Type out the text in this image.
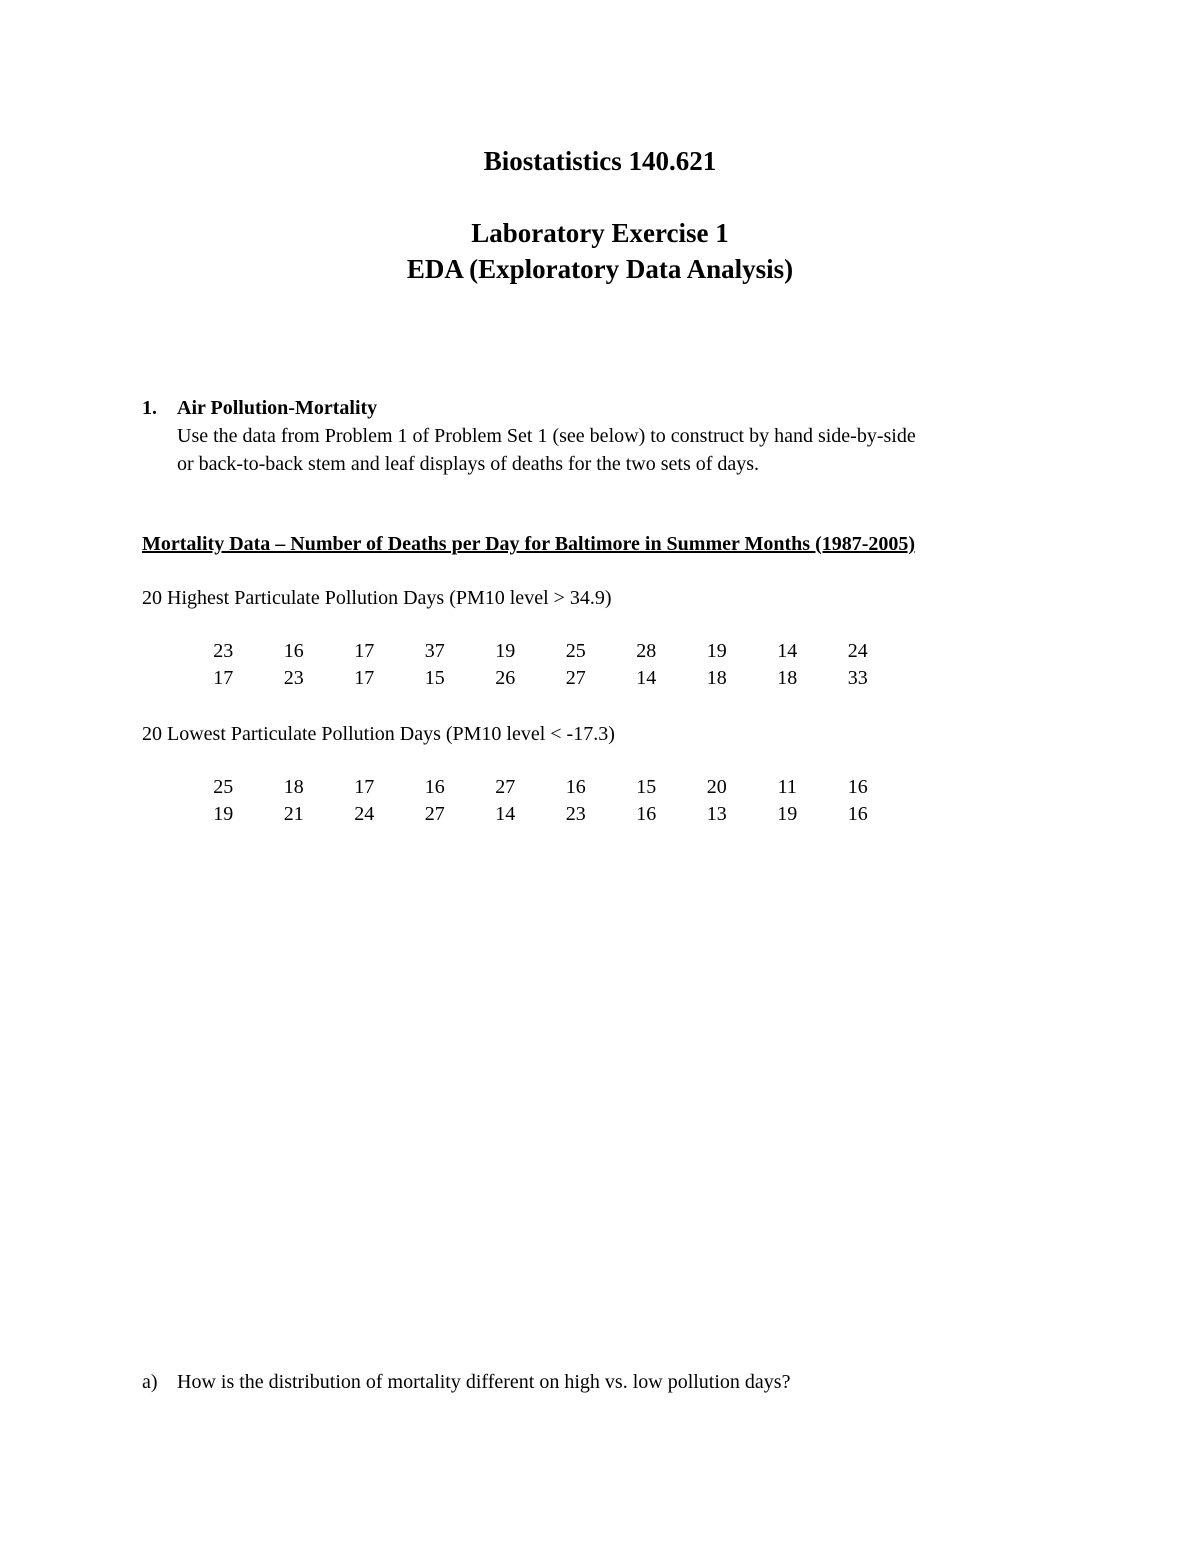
Biostatistics 140.621
Laboratory Exercise 1
EDA (Exploratory Data Analysis)
1. Air Pollution-Mortality
Use the data from Problem 1 of Problem Set 1 (see below) to construct by hand side-by-side
or back-to-back stem and leaf displays of deaths for the two sets of days.
Mortality Data – Number of Deaths per Day for Baltimore in Summer Months (1987-2005)
20 Highest Particulate Pollution Days (PM10 level > 34.9)
23	16	17	37	19	25	28	19	14	24
17	23	17	15	26	27	14	18	18	33
20 Lowest Particulate Pollution Days (PM10 level < -17.3)
25	18	17	16	27	16	15	20	11	16
19	21	24	27	14	23	16	13	19	16
a) How is the distribution of mortality different on high vs. low pollution days?
